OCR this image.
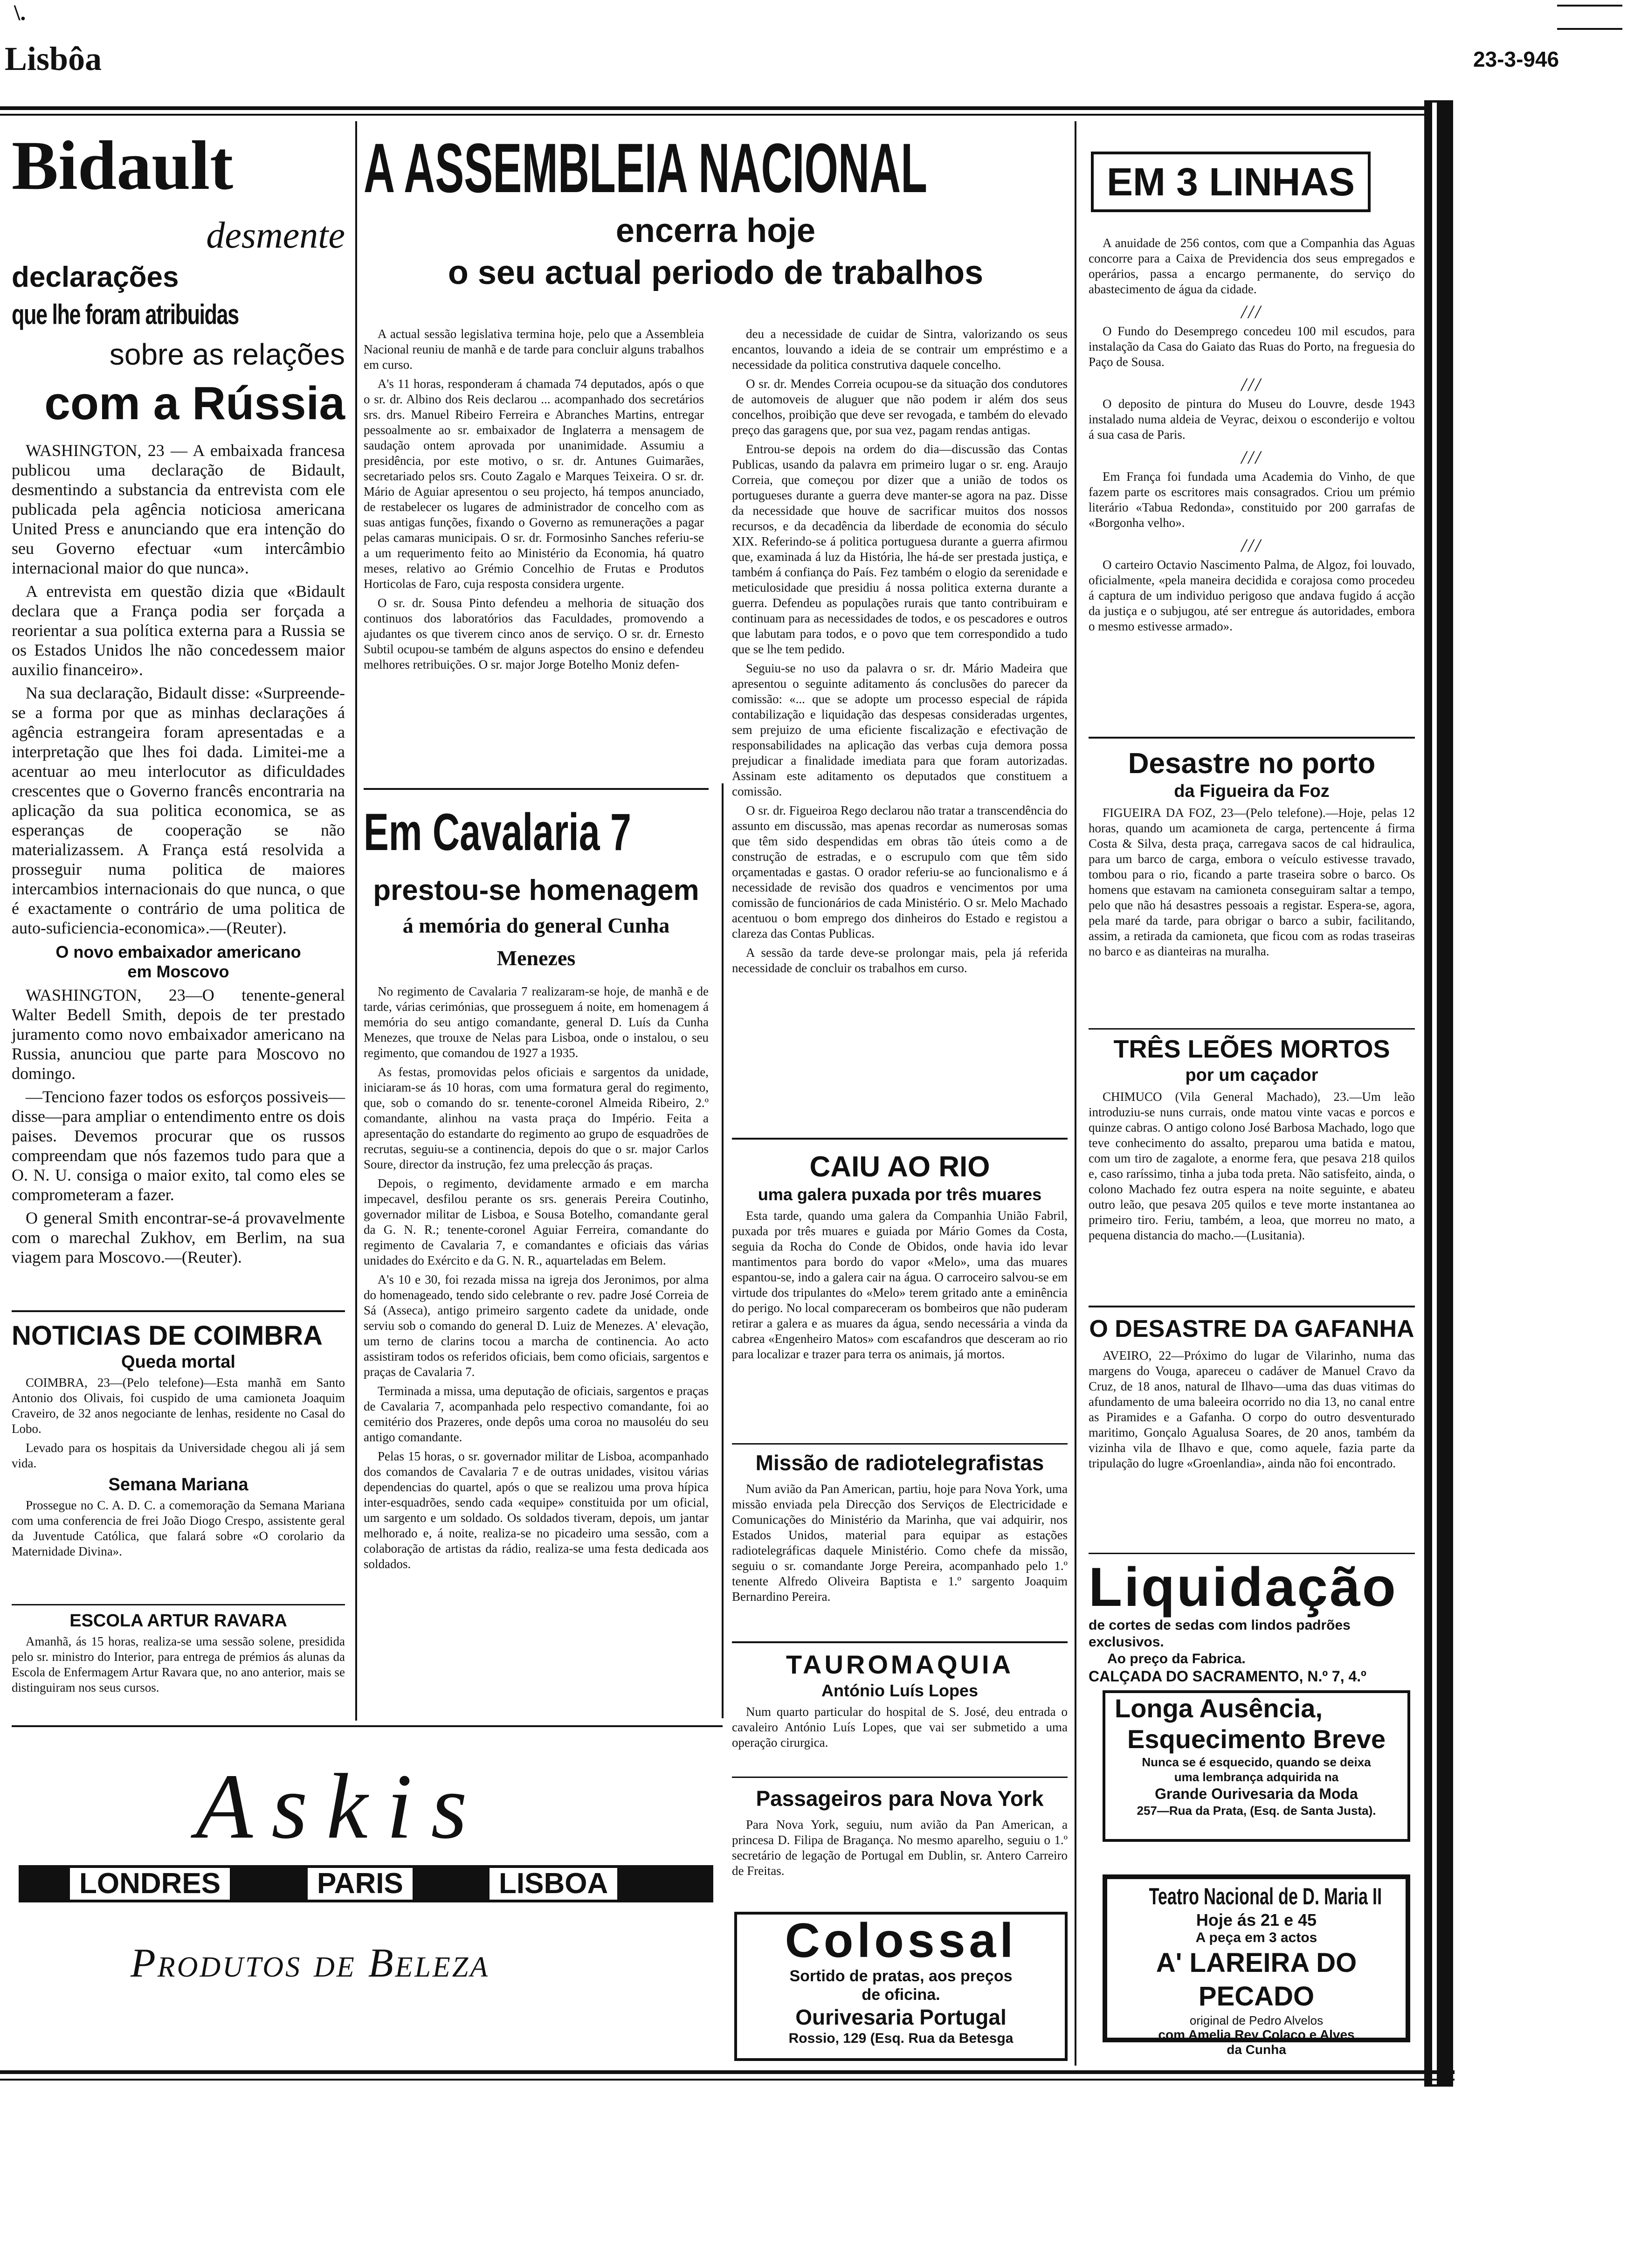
\.
Lisbôa	23-3-946
Bidault
desmente
declarações
que lhe foram atribuidas
sobre as relações
com a Rússia

WASHINGTON, 23 — A embaixada francesa publicou uma declaração de Bidault, desmentindo a substancia da entrevista com ele publicada pela agência noticiosa americana United Press e anunciando que era intenção do seu Governo efectuar «um intercâmbio internacional maior do que nunca».

A entrevista em questão dizia que «Bidault declara que a França podia ser forçada a reorientar a sua política externa para a Russia se os Estados Unidos lhe não concedessem maior auxilio financeiro».

Na sua declaração, Bidault disse: «Surpreende-se a forma por que as minhas declarações á agência estrangeira foram apresentadas e a interpretação que lhes foi dada. Limitei-me a acentuar ao meu interlocutor as dificuldades crescentes que o Governo francês encontraria na aplicação da sua politica economica, se as esperanças de cooperação se não materializassem. A França está resolvida a prosseguir numa politica de maiores intercambios internacionais do que nunca, o que é exactamente o contrário de uma politica de auto-suficiencia-economica».—(Reuter).

O novo embaixador americano
em Moscovo

WASHINGTON, 23—O tenente-general Walter Bedell Smith, depois de ter prestado juramento como novo embaixador americano na Russia, anunciou que parte para Moscovo no domingo.

—Tenciono fazer todos os esforços possiveis—disse—para ampliar o entendimento entre os dois paises. Devemos procurar que os russos compreendam que nós fazemos tudo para que a O. N. U. consiga o maior exito, tal como eles se comprometeram a fazer.

O general Smith encontrar-se-á provavelmente com o marechal Zukhov, em Berlim, na sua viagem para Moscovo.—(Reuter).

NOTICIAS DE COIMBRA
Queda mortal

COIMBRA, 23—(Pelo telefone)—Esta manhã em Santo Antonio dos Olivais, foi cuspido de uma camioneta Joaquim Craveiro, de 32 anos negociante de lenhas, residente no Casal do Lobo.

Levado para os hospitais da Universidade chegou ali já sem vida.

Semana Mariana

Prossegue no C. A. D. C. a comemoração da Semana Mariana com uma conferencia de frei João Diogo Crespo, assistente geral da Juventude Católica, que falará sobre «O corolario da Maternidade Divina».

ESCOLA ARTUR RAVARA

Amanhã, ás 15 horas, realiza-se uma sessão solene, presidida pelo sr. ministro do Interior, para entrega de prémios ás alunas da Escola de Enfermagem Artur Ravara que, no ano anterior, mais se distinguiram nos seus cursos.

A ASSEMBLEIA NACIONAL
encerra hoje
o seu actual periodo de trabalhos

A actual sessão legislativa termina hoje, pelo que a Assembleia Nacional reuniu de manhã e de tarde para concluir alguns trabalhos em curso.

A's 11 horas, responderam á chamada 74 deputados, após o que o sr. dr. Albino dos Reis declarou ... acompanhado dos secretários srs. drs. Manuel Ribeiro Ferreira e Abranches Martins, entregar pessoalmente ao sr. embaixador de Inglaterra a mensagem de saudação ontem aprovada por unanimidade. Assumiu a presidência, por este motivo, o sr. dr. Antunes Guimarães, secretariado pelos srs. Couto Zagalo e Marques Teixeira. O sr. dr. Mário de Aguiar apresentou o seu projecto, há tempos anunciado, de restabelecer os lugares de administrador de concelho com as suas antigas funções, fixando o Governo as remunerações a pagar pelas camaras municipais. O sr. dr. Formosinho Sanches referiu-se a um requerimento feito ao Ministério da Economia, há quatro meses, relativo ao Grémio Concelhio de Frutas e Produtos Horticolas de Faro, cuja resposta considera urgente.

O sr. dr. Sousa Pinto defendeu a melhoria de situação dos continuos dos laboratórios das Faculdades, promovendo a ajudantes os que tiverem cinco anos de serviço. O sr. dr. Ernesto Subtil ocupou-se também de alguns aspectos do ensino e defendeu melhores retribuições. O sr. major Jorge Botelho Moniz defen-

deu a necessidade de cuidar de Sintra, valorizando os seus encantos, louvando a ideia de se contrair um empréstimo e a necessidade da politica construtiva daquele concelho.

O sr. dr. Mendes Correia ocupou-se da situação dos condutores de automoveis de aluguer que não podem ir além dos seus concelhos, proibição que deve ser revogada, e também do elevado preço das garagens que, por sua vez, pagam rendas antigas.

Entrou-se depois na ordem do dia—discussão das Contas Publicas, usando da palavra em primeiro lugar o sr. eng. Araujo Correia, que começou por dizer que a união de todos os portugueses durante a guerra deve manter-se agora na paz. Disse da necessidade que houve de sacrificar muitos dos nossos recursos, e da decadência da liberdade de economia do século XIX. Referindo-se á politica portuguesa durante a guerra afirmou que, examinada á luz da História, lhe há-de ser prestada justiça, e também á confiança do País. Fez também o elogio da serenidade e meticulosidade que presidiu á nossa politica externa durante a guerra. Defendeu as populações rurais que tanto contribuiram e continuam para as necessidades de todos, e os pescadores e outros que labutam para todos, e o povo que tem correspondido a tudo que se lhe tem pedido.

Seguiu-se no uso da palavra o sr. dr. Mário Madeira que apresentou o seguinte aditamento ás conclusões do parecer da comissão: «... que se adopte um processo especial de rápida contabilização e liquidação das despesas consideradas urgentes, sem prejuizo de uma eficiente fiscalização e efectivação de responsabilidades na aplicação das verbas cuja demora possa prejudicar a finalidade imediata para que foram autorizadas. Assinam este aditamento os deputados que constituem a comissão.

O sr. dr. Figueiroa Rego declarou não tratar a transcendência do assunto em discussão, mas apenas recordar as numerosas somas que têm sido despendidas em obras tão úteis como a de construção de estradas, e o escrupulo com que têm sido orçamentadas e gastas. O orador referiu-se ao funcionalismo e á necessidade de revisão dos quadros e vencimentos por uma comissão de funcionários de cada Ministério. O sr. Melo Machado acentuou o bom emprego dos dinheiros do Estado e registou a clareza das Contas Publicas.

A sessão da tarde deve-se prolongar mais, pela já referida necessidade de concluir os trabalhos em curso.

Em Cavalaria 7
prestou-se homenagem
á memória do general Cunha Menezes

No regimento de Cavalaria 7 realizaram-se hoje, de manhã e de tarde, várias cerimónias, que prosseguem á noite, em homenagem á memória do seu antigo comandante, general D. Luís da Cunha Menezes, que trouxe de Nelas para Lisboa, onde o instalou, o seu regimento, que comandou de 1927 a 1935.

As festas, promovidas pelos oficiais e sargentos da unidade, iniciaram-se ás 10 horas, com uma formatura geral do regimento, que, sob o comando do sr. tenente-coronel Almeida Ribeiro, 2.º comandante, alinhou na vasta praça do Império. Feita a apresentação do estandarte do regimento ao grupo de esquadrões de recrutas, seguiu-se a continencia, depois do que o sr. major Carlos Soure, director da instrução, fez uma prelecção ás praças.

Depois, o regimento, devidamente armado e em marcha impecavel, desfilou perante os srs. generais Pereira Coutinho, governador militar de Lisboa, e Sousa Botelho, comandante geral da G. N. R.; tenente-coronel Aguiar Ferreira, comandante do regimento de Cavalaria 7, e comandantes e oficiais das várias unidades do Exército e da G. N. R., aquarteladas em Belem.

A's 10 e 30, foi rezada missa na igreja dos Jeronimos, por alma do homenageado, tendo sido celebrante o rev. padre José Correia de Sá (Asseca), antigo primeiro sargento cadete da unidade, onde serviu sob o comando do general D. Luiz de Menezes. A' elevação, um terno de clarins tocou a marcha de continencia. Ao acto assistiram todos os referidos oficiais, bem como oficiais, sargentos e praças de Cavalaria 7.

Terminada a missa, uma deputação de oficiais, sargentos e praças de Cavalaria 7, acompanhada pelo respectivo comandante, foi ao cemitério dos Prazeres, onde depôs uma coroa no mausoléu do seu antigo comandante.

Pelas 15 horas, o sr. governador militar de Lisboa, acompanhado dos comandos de Cavalaria 7 e de outras unidades, visitou várias dependencias do quartel, após o que se realizou uma prova hípica inter-esquadrões, sendo cada «equipe» constituida por um oficial, um sargento e um soldado. Os soldados tiveram, depois, um jantar melhorado e, á noite, realiza-se no picadeiro uma sessão, com a colaboração de artistas da rádio, realiza-se uma festa dedicada aos soldados.

CAIU AO RIO
uma galera puxada por três muares

Esta tarde, quando uma galera da Companhia União Fabril, puxada por três muares e guiada por Mário Gomes da Costa, seguia da Rocha do Conde de Obidos, onde havia ido levar mantimentos para bordo do vapor «Melo», uma das muares espantou-se, indo a galera cair na água. O carroceiro salvou-se em virtude dos tripulantes do «Melo» terem gritado ante a eminência do perigo. No local compareceram os bombeiros que não puderam retirar a galera e as muares da água, sendo necessária a vinda da cabrea «Engenheiro Matos» com escafandros que desceram ao rio para localizar e trazer para terra os animais, já mortos.

Missão de radiotelegrafistas

Num avião da Pan American, partiu, hoje para Nova York, uma missão enviada pela Direcção dos Serviços de Electricidade e Comunicações do Ministério da Marinha, que vai adquirir, nos Estados Unidos, material para equipar as estações radiotelegráficas daquele Ministério. Como chefe da missão, seguiu o sr. comandante Jorge Pereira, acompanhado pelo 1.º tenente Alfredo Oliveira Baptista e 1.º sargento Joaquim Bernardino Pereira.

TAUROMAQUIA
António Luís Lopes

Num quarto particular do hospital de S. José, deu entrada o cavaleiro António Luís Lopes, que vai ser submetido a uma operação cirurgica.

Passageiros para Nova York

Para Nova York, seguiu, num avião da Pan American, a princesa D. Filipa de Bragança. No mesmo aparelho, seguiu o 1.º secretário de legação de Portugal em Dublin, sr. Antero Carreiro de Freitas.

Colossal
Sortido de pratas, aos preços
de oficina.
Ourivesaria Portugal
Rossio, 129 (Esq. Rua da Betesga
Askis
LONDRES	PARIS	LISBOA
Produtos de Beleza
EM 3 LINHAS

A anuidade de 256 contos, com que a Companhia das Aguas concorre para a Caixa de Previdencia dos seus empregados e operários, passa a encargo permanente, do serviço do abastecimento de água da cidade.

///

O Fundo do Desemprego concedeu 100 mil escudos, para instalação da Casa do Gaiato das Ruas do Porto, na freguesia do Paço de Sousa.

///

O deposito de pintura do Museu do Louvre, desde 1943 instalado numa aldeia de Veyrac, deixou o esconderijo e voltou á sua casa de Paris.

///

Em França foi fundada uma Academia do Vinho, de que fazem parte os escritores mais consagrados. Criou um prémio literário «Tabua Redonda», constituido por 200 garrafas de «Borgonha velho».

///

O carteiro Octavio Nascimento Palma, de Algoz, foi louvado, oficialmente, «pela maneira decidida e corajosa como procedeu á captura de um individuo perigoso que andava fugido á acção da justiça e o subjugou, até ser entregue ás autoridades, embora o mesmo estivesse armado».

Desastre no porto
da Figueira da Foz

FIGUEIRA DA FOZ, 23—(Pelo telefone).—Hoje, pelas 12 horas, quando um acamioneta de carga, pertencente á firma Costa & Silva, desta praça, carregava sacos de cal hidraulica, para um barco de carga, embora o veículo estivesse travado, tombou para o rio, ficando a parte traseira sobre o barco. Os homens que estavam na camioneta conseguiram saltar a tempo, pelo que não há desastres pessoais a registar. Espera-se, agora, pela maré da tarde, para obrigar o barco a subir, facilitando, assim, a retirada da camioneta, que ficou com as rodas traseiras no barco e as dianteiras na muralha.

TRÊS LEÕES MORTOS
por um caçador

CHIMUCO (Vila General Machado), 23.—Um leão introduziu-se nuns currais, onde matou vinte vacas e porcos e quinze cabras. O antigo colono José Barbosa Machado, logo que teve conhecimento do assalto, preparou uma batida e matou, com um tiro de zagalote, a enorme fera, que pesava 218 quilos e, caso raríssimo, tinha a juba toda preta. Não satisfeito, ainda, o colono Machado fez outra espera na noite seguinte, e abateu outro leão, que pesava 205 quilos e teve morte instantanea ao primeiro tiro. Feriu, também, a leoa, que morreu no mato, a pequena distancia do macho.—(Lusitania).

O DESASTRE DA GAFANHA

AVEIRO, 22—Próximo do lugar de Vilarinho, numa das margens do Vouga, apareceu o cadáver de Manuel Cravo da Cruz, de 18 anos, natural de Ilhavo—uma das duas vitimas do afundamento de uma baleeira ocorrido no dia 13, no canal entre as Piramides e a Gafanha. O corpo do outro desventurado maritimo, Gonçalo Agualusa Soares, de 20 anos, também da vizinha vila de Ilhavo e que, como aquele, fazia parte da tripulação do lugre «Groenlandia», ainda não foi encontrado.

Liquidação
de cortes de sedas com lindos padrões
exclusivos.
Ao preço da Fabrica.
CALÇADA DO SACRAMENTO, N.º 7, 4.º
Longa Ausência,
Esquecimento Breve
Nunca se é esquecido, quando se deixa
uma lembrança adquirida na
Grande Ourivesaria da Moda
257—Rua da Prata, (Esq. de Santa Justa).
Teatro Nacional de D. Maria II
Hoje ás 21 e 45
A peça em 3 actos
A' LAREIRA DO PECADO
original de Pedro Alvelos
com Amelia Rey Colaço e Alves
da Cunha
